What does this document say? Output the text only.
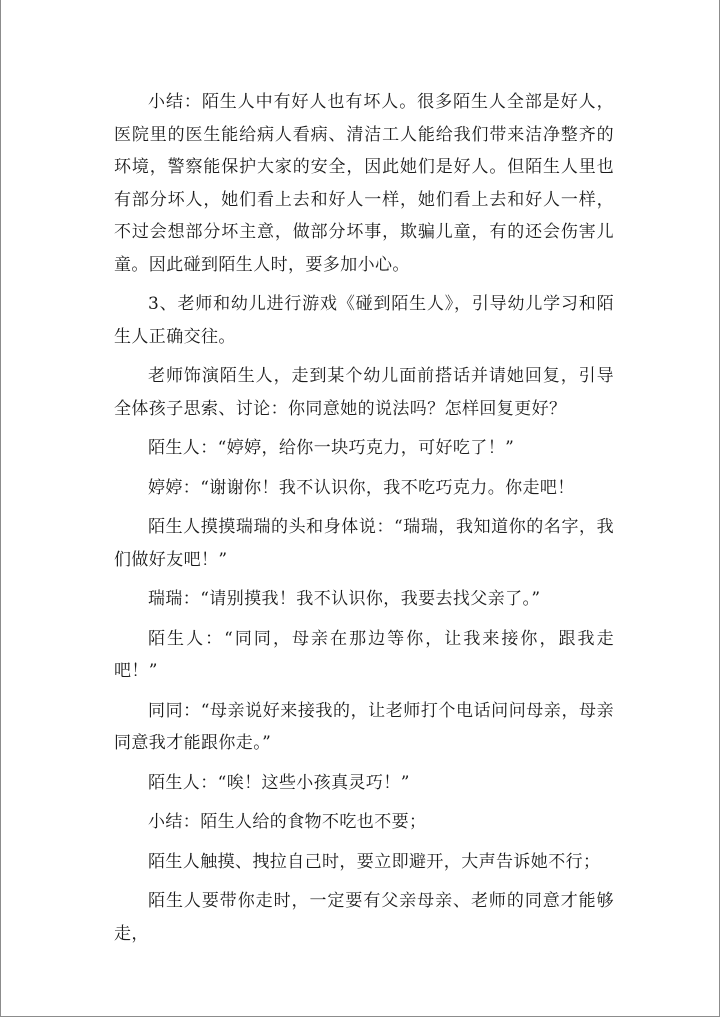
小结：陌生人中有好人也有坏人。很多陌生人全部是好人，医院里的医生能给病人看病、清洁工人能给我们带来洁净整齐的环境，警察能保护大家的安全，因此她们是好人。但陌生人里也有部分坏人，她们看上去和好人一样，她们看上去和好人一样，不过会想部分坏主意，做部分坏事，欺骗儿童，有的还会伤害儿童。因此碰到陌生人时，要多加小心。

3、老师和幼儿进行游戏《碰到陌生人》，引导幼儿学习和陌生人正确交往。

老师饰演陌生人，走到某个幼儿面前搭话并请她回复，引导全体孩子思索、讨论：你同意她的说法吗？怎样回复更好？

陌生人：“婷婷，给你一块巧克力，可好吃了！”

婷婷：“谢谢你！我不认识你，我不吃巧克力。你走吧！

陌生人摸摸瑞瑞的头和身体说：“瑞瑞，我知道你的名字，我们做好友吧！”

瑞瑞：“请别摸我！我不认识你，我要去找父亲了。”

陌生人：“同同，母亲在那边等你，让我来接你，跟我走吧！”

同同：“母亲说好来接我的，让老师打个电话问问母亲，母亲同意我才能跟你走。”

陌生人：“唉！这些小孩真灵巧！”

小结：陌生人给的食物不吃也不要；

陌生人触摸、拽拉自己时，要立即避开，大声告诉她不行；

陌生人要带你走时，一定要有父亲母亲、老师的同意才能够走，
